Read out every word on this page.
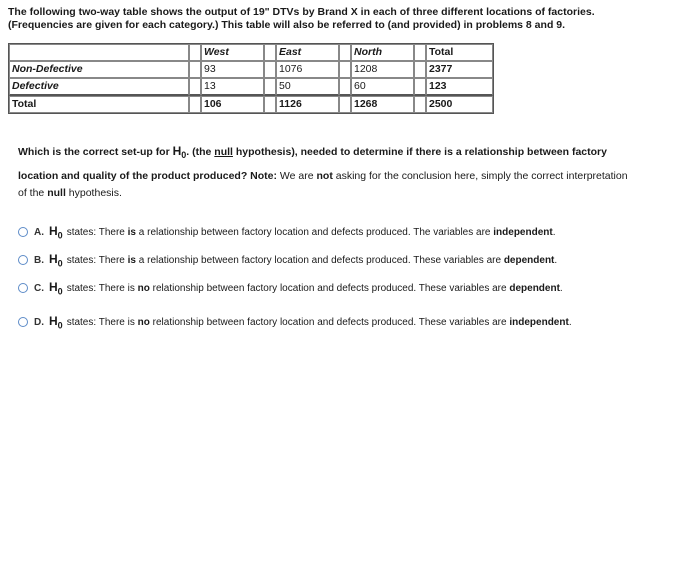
The following two-way table shows the output of 19" DTVs by Brand X in each of three different locations of factories.
(Frequencies are given for each category.) This table will also be referred to (and provided) in problems 8 and 9.
		West		East		North		Total
Non-Defective		93		1076		1208		2377
Defective		13		50		60		123
Total		106		1126		1268		2500
Which is the correct set-up for $H_0$. (the null hypothesis), needed to determine if there is a relationship between factory
location and quality of the product produced? Note: We are not asking for the conclusion here, simply the correct interpretation
of the null hypothesis.
A. $H_0$ states: There is a relationship between factory location and defects produced. The variables are independent.
B. $H_0$ states: There is a relationship between factory location and defects produced. These variables are dependent.
C. $H_0$ states: There is no relationship between factory location and defects produced. These variables are dependent.
D. $H_0$ states: There is no relationship between factory location and defects produced. These variables are independent.
